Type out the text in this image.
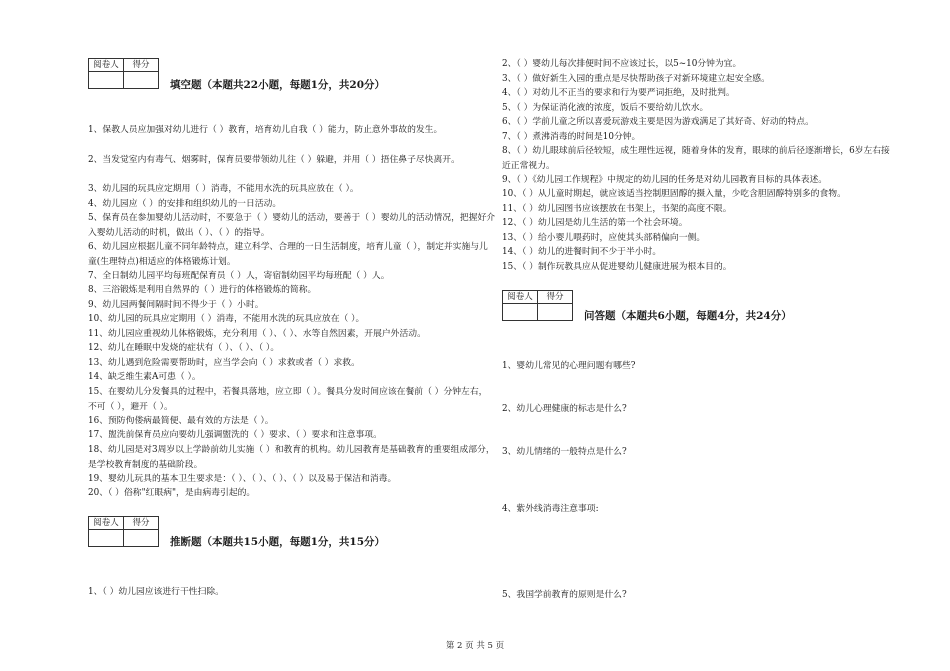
阅卷人	得分

填空题（本题共22小题，每题1分，共20分）
1、保教人员应加强对幼儿进行（ ）教育，培育幼儿自我（ ）能力，防止意外事故的发生。
2、当发觉室内有毒气、烟雾时，保育员要带领幼儿往（ ）躲避，并用（ ）捂住鼻子尽快离开。
3、幼儿园的玩具应定期用（ ）消毒，不能用水洗的玩具应放在（ ）。
4、幼儿园应（ ）的安排和组织幼儿的一日活动。
5、保育员在参加婴幼儿活动时，不要急于（ ）婴幼儿的活动，要善于（ ）婴幼儿的活动情况，把握好介入婴幼儿活动的时机，做出（ ）、（ ）的指导。
6、幼儿园应根据儿童不同年龄特点，建立科学、合理的一日生活制度，培育儿童（ ），制定并实施与儿童(生理特点)相适应的体格锻炼计划。
7、全日制幼儿园平均每班配保育员（ ）人，寄宿制幼园平均每班配（ ）人。
8、三浴锻炼是利用自然界的（ ）进行的体格锻炼的简称。
9、幼儿园两餐间隔时间不得少于（ ）小时。
10、幼儿园的玩具应定期用（ ）消毒，不能用水洗的玩具应放在（ ）。
11、幼儿园应重视幼儿体格锻炼，充分利用（ ）、（ ）、水等自然因素，开展户外活动。
12、幼儿在睡眠中发烧的症状有（ ）、（ ）、（ ）。
13、幼儿遇到危险需要帮助时，应当学会向（ ）求救或者（ ）求救。
14、缺乏维生素A可患（ ）。
15、在婴幼儿分发餐具的过程中，若餐具落地，应立即（ ）。餐具分发时间应该在餐前（ ）分钟左右，不可（ ），避开（ ）。
16、预防佝偻病最简便、最有效的方法是（ ）。
17、盥洗前保育员应向要幼儿强调盥洗的（ ）要求、（ ）要求和注意事项。
18、幼儿园是对3周岁以上学龄前幼儿实施（ ）和教育的机构。幼儿园教育是基础教育的重要组成部分，是学校教育制度的基础阶段。
19、婴幼儿玩具的基本卫生要求是：（ ）、（ ）、（ ）、（ ）以及易于保洁和消毒。
20、（ ）俗称"红眼病"，是由病毒引起的。
阅卷人	得分

推断题（本题共15小题，每题1分，共15分）
1、（ ）幼儿园应该进行干性扫除。
2、（ ）婴幼儿每次排便时间不应该过长，以5~10分钟为宜。
3、（ ）做好新生入园的重点是尽快帮助孩子对新环境建立起安全感。
4、（ ）对幼儿不正当的要求和行为要严词拒绝，及时批判。
5、（ ）为保证消化液的浓度，饭后不要给幼儿饮水。
6、（ ）学前儿童之所以喜爱玩游戏主要是因为游戏满足了其好奇、好动的特点。
7、（ ）煮沸消毒的时间是10分钟。
8、（ ）幼儿眼球前后径较短，成生理性远视，随着身体的发育，眼球的前后径逐渐增长，6岁左右接近正常视力。
9、（ ）《幼儿园工作规程》中规定的幼儿园的任务是对幼儿园教育目标的具体表述。
10、（ ）从儿童时期起，就应该适当控制胆固醇的摄入量，少吃含胆固醇特别多的食物。
11、（ ）幼儿园图书应该摆放在书架上，书架的高度不限。
12、（ ）幼儿园是幼儿生活的第一个社会环境。
13、（ ）给小婴儿喂药时，应使其头部稍偏向一侧。
14、（ ）幼儿的进餐时间不少于半小时。
15、（ ）制作玩教具应从促进婴幼儿健康进展为根本目的。
阅卷人	得分

问答题（本题共6小题，每题4分，共24分）
1、婴幼儿常见的心理问题有哪些?
2、幼儿心理健康的标志是什么?
3、幼儿情绪的一般特点是什么?
4、紫外线消毒注意事项:
5、我国学前教育的原则是什么?
第 2 页 共 5 页
